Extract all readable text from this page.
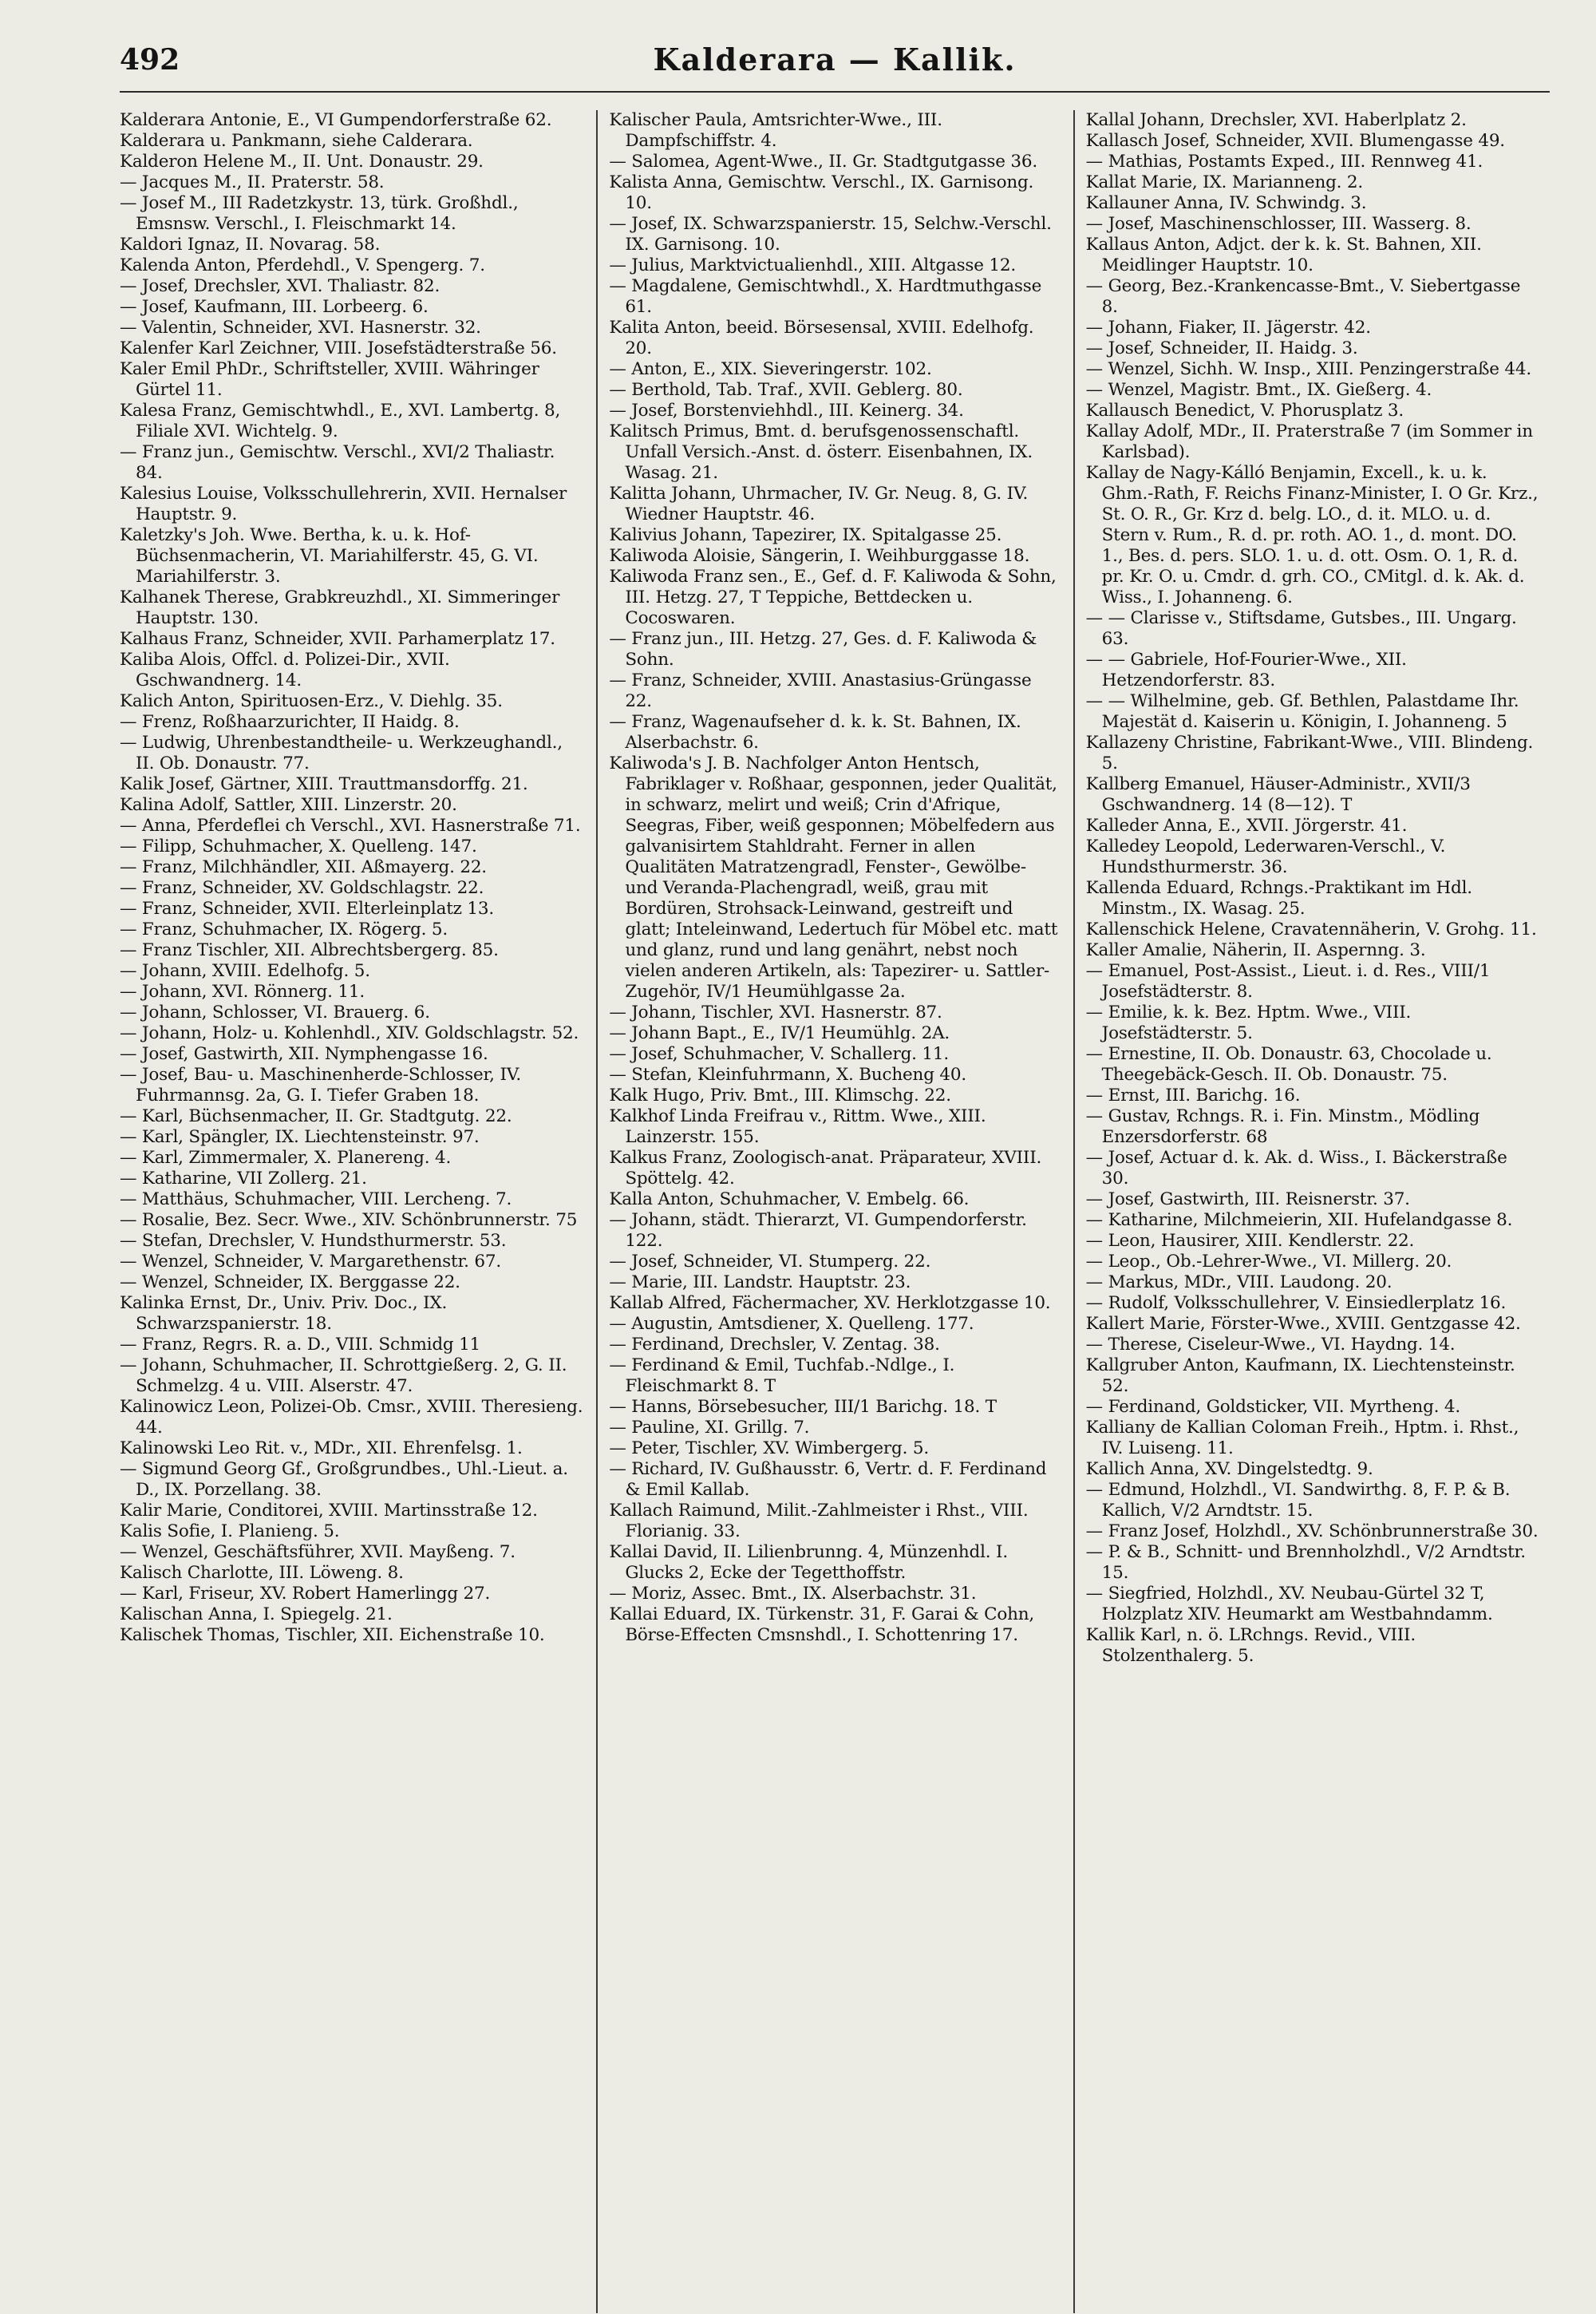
492	Kalderara — Kallik.

Kalderara Antonie, E., VI Gumpendorferstraße 62.

Kalderara u. Pankmann, siehe Calderara.

Kalderon Helene M., II. Unt. Donaustr. 29.

— Jacques M., II. Praterstr. 58.

— Josef M., III Radetzkystr. 13, türk. Großhdl., Emsnsw. Verschl., I. Fleischmarkt 14.

Kaldori Ignaz, II. Novarag. 58.

Kalenda Anton, Pferdehdl., V. Spengerg. 7.

— Josef, Drechsler, XVI. Thaliastr. 82.

— Josef, Kaufmann, III. Lorbeerg. 6.

— Valentin, Schneider, XVI. Hasnerstr. 32.

Kalenfer Karl Zeichner, VIII. Josefstädterstraße 56.

Kaler Emil PhDr., Schriftsteller, XVIII. Währinger Gürtel 11.

Kalesa Franz, Gemischtwhdl., E., XVI. Lambertg. 8, Filiale XVI. Wichtelg. 9.

— Franz jun., Gemischtw. Verschl., XVI/2 Thaliastr. 84.

Kalesius Louise, Volksschullehrerin, XVII. Hernalser Hauptstr. 9.

Kaletzky's Joh. Wwe. Bertha, k. u. k. Hof-Büchsenmacherin, VI. Mariahilferstr. 45, G. VI. Mariahilferstr. 3.

Kalhanek Therese, Grabkreuzhdl., XI. Simmeringer Hauptstr. 130.

Kalhaus Franz, Schneider, XVII. Parhamerplatz 17.

Kaliba Alois, Offcl. d. Polizei-Dir., XVII. Gschwandnerg. 14.

Kalich Anton, Spirituosen-Erz., V. Diehlg. 35.

— Frenz, Roßhaarzurichter, II Haidg. 8.

— Ludwig, Uhrenbestandtheile- u. Werkzeughandl., II. Ob. Donaustr. 77.

Kalik Josef, Gärtner, XIII. Trauttmansdorffg. 21.

Kalina Adolf, Sattler, XIII. Linzerstr. 20.

— Anna, Pferdeflei ch Verschl., XVI. Hasnerstraße 71.

— Filipp, Schuhmacher, X. Quelleng. 147.

— Franz, Milchhändler, XII. Aßmayerg. 22.

— Franz, Schneider, XV. Goldschlagstr. 22.

— Franz, Schneider, XVII. Elterleinplatz 13.

— Franz, Schuhmacher, IX. Rögerg. 5.

— Franz Tischler, XII. Albrechtsbergerg. 85.

— Johann, XVIII. Edelhofg. 5.

— Johann, XVI. Rönnerg. 11.

— Johann, Schlosser, VI. Brauerg. 6.

— Johann, Holz- u. Kohlenhdl., XIV. Goldschlagstr. 52.

— Josef, Gastwirth, XII. Nymphengasse 16.

— Josef, Bau- u. Maschinenherde-Schlosser, IV. Fuhrmannsg. 2a, G. I. Tiefer Graben 18.

— Karl, Büchsenmacher, II. Gr. Stadtgutg. 22.

— Karl, Spängler, IX. Liechtensteinstr. 97.

— Karl, Zimmermaler, X. Planereng. 4.

— Katharine, VII Zollerg. 21.

— Matthäus, Schuhmacher, VIII. Lercheng. 7.

— Rosalie, Bez. Secr. Wwe., XIV. Schönbrunnerstr. 75

— Stefan, Drechsler, V. Hundsthurmerstr. 53.

— Wenzel, Schneider, V. Margarethenstr. 67.

— Wenzel, Schneider, IX. Berggasse 22.

Kalinka Ernst, Dr., Univ. Priv. Doc., IX. Schwarzspanierstr. 18.

— Franz, Regrs. R. a. D., VIII. Schmidg 11

— Johann, Schuhmacher, II. Schrottgießerg. 2, G. II. Schmelzg. 4 u. VIII. Alserstr. 47.

Kalinowicz Leon, Polizei-Ob. Cmsr., XVIII. Theresieng. 44.

Kalinowski Leo Rit. v., MDr., XII. Ehrenfelsg. 1.

— Sigmund Georg Gf., Großgrundbes., Uhl.-Lieut. a. D., IX. Porzellang. 38.

Kalir Marie, Conditorei, XVIII. Martinsstraße 12.

Kalis Sofie, I. Planieng. 5.

— Wenzel, Geschäftsführer, XVII. Mayßeng. 7.

Kalisch Charlotte, III. Löweng. 8.

— Karl, Friseur, XV. Robert Hamerlingg 27.

Kalischan Anna, I. Spiegelg. 21.

Kalischek Thomas, Tischler, XII. Eichenstraße 10.

Kalischer Paula, Amtsrichter-Wwe., III. Dampfschiffstr. 4.

— Salomea, Agent-Wwe., II. Gr. Stadtgutgasse 36.

Kalista Anna, Gemischtw. Verschl., IX. Garnisong. 10.

— Josef, IX. Schwarzspanierstr. 15, Selchw.-Verschl. IX. Garnisong. 10.

— Julius, Marktvictualienhdl., XIII. Altgasse 12.

— Magdalene, Gemischtwhdl., X. Hardtmuthgasse 61.

Kalita Anton, beeid. Börsesensal, XVIII. Edelhofg. 20.

— Anton, E., XIX. Sieveringerstr. 102.

— Berthold, Tab. Traf., XVII. Geblerg. 80.

— Josef, Borstenviehhdl., III. Keinerg. 34.

Kalitsch Primus, Bmt. d. berufsgenossenschaftl. Unfall Versich.-Anst. d. österr. Eisenbahnen, IX. Wasag. 21.

Kalitta Johann, Uhrmacher, IV. Gr. Neug. 8, G. IV. Wiedner Hauptstr. 46.

Kalivius Johann, Tapezirer, IX. Spitalgasse 25.

Kaliwoda Aloisie, Sängerin, I. Weihburggasse 18.

Kaliwoda Franz sen., E., Gef. d. F. Kaliwoda & Sohn, III. Hetzg. 27, T Teppiche, Bettdecken u. Cocoswaren.

— Franz jun., III. Hetzg. 27, Ges. d. F. Kaliwoda & Sohn.

— Franz, Schneider, XVIII. Anastasius-Grüngasse 22.

— Franz, Wagenaufseher d. k. k. St. Bahnen, IX. Alserbachstr. 6.

Kaliwoda's J. B. Nachfolger Anton Hentsch, Fabriklager v. Roßhaar, gesponnen, jeder Qualität, in schwarz, melirt und weiß; Crin d'Afrique, Seegras, Fiber, weiß gesponnen; Möbelfedern aus galvanisirtem Stahldraht. Ferner in allen Qualitäten Matratzengradl, Fenster-, Gewölbe- und Veranda-Plachengradl, weiß, grau mit Bordüren, Strohsack-Leinwand, gestreift und glatt; Inteleinwand, Ledertuch für Möbel etc. matt und glanz, rund und lang genährt, nebst noch vielen anderen Artikeln, als: Tapezirer- u. Sattler-Zugehör, IV/1 Heumühlgasse 2a.

— Johann, Tischler, XVI. Hasnerstr. 87.

— Johann Bapt., E., IV/1 Heumühlg. 2A.

— Josef, Schuhmacher, V. Schallerg. 11.

— Stefan, Kleinfuhrmann, X. Bucheng 40.

Kalk Hugo, Priv. Bmt., III. Klimschg. 22.

Kalkhof Linda Freifrau v., Rittm. Wwe., XIII. Lainzerstr. 155.

Kalkus Franz, Zoologisch-anat. Präparateur, XVIII. Spöttelg. 42.

Kalla Anton, Schuhmacher, V. Embelg. 66.

— Johann, städt. Thierarzt, VI. Gumpendorferstr. 122.

— Josef, Schneider, VI. Stumperg. 22.

— Marie, III. Landstr. Hauptstr. 23.

Kallab Alfred, Fächermacher, XV. Herklotzgasse 10.

— Augustin, Amtsdiener, X. Quelleng. 177.

— Ferdinand, Drechsler, V. Zentag. 38.

— Ferdinand & Emil, Tuchfab.-Ndlge., I. Fleischmarkt 8. T

— Hanns, Börsebesucher, III/1 Barichg. 18. T

— Pauline, XI. Grillg. 7.

— Peter, Tischler, XV. Wimbergerg. 5.

— Richard, IV. Gußhausstr. 6, Vertr. d. F. Ferdinand & Emil Kallab.

Kallach Raimund, Milit.-Zahlmeister i Rhst., VIII. Florianig. 33.

Kallai David, II. Lilienbrunng. 4, Münzenhdl. I. Glucks 2, Ecke der Tegetthoffstr.

— Moriz, Assec. Bmt., IX. Alserbachstr. 31.

Kallai Eduard, IX. Türkenstr. 31, F. Garai & Cohn, Börse-Effecten Cmsnshdl., I. Schottenring 17.

Kallal Johann, Drechsler, XVI. Haberlplatz 2.

Kallasch Josef, Schneider, XVII. Blumengasse 49.

— Mathias, Postamts Exped., III. Rennweg 41.

Kallat Marie, IX. Marianneng. 2.

Kallauner Anna, IV. Schwindg. 3.

— Josef, Maschinenschlosser, III. Wasserg. 8.

Kallaus Anton, Adjct. der k. k. St. Bahnen, XII. Meidlinger Hauptstr. 10.

— Georg, Bez.-Krankencasse-Bmt., V. Siebertgasse 8.

— Johann, Fiaker, II. Jägerstr. 42.

— Josef, Schneider, II. Haidg. 3.

— Wenzel, Sichh. W. Insp., XIII. Penzingerstraße 44.

— Wenzel, Magistr. Bmt., IX. Gießerg. 4.

Kallausch Benedict, V. Phorusplatz 3.

Kallay Adolf, MDr., II. Praterstraße 7 (im Sommer in Karlsbad).

Kallay de Nagy-Kálló Benjamin, Excell., k. u. k. Ghm.-Rath, F. Reichs Finanz-Minister, I. O Gr. Krz., St. O. R., Gr. Krz d. belg. LO., d. it. MLO. u. d. Stern v. Rum., R. d. pr. roth. AO. 1., d. mont. DO. 1., Bes. d. pers. SLO. 1. u. d. ott. Osm. O. 1, R. d. pr. Kr. O. u. Cmdr. d. grh. CO., CMitgl. d. k. Ak. d. Wiss., I. Johanneng. 6.

— — Clarisse v., Stiftsdame, Gutsbes., III. Ungarg. 63.

— — Gabriele, Hof-Fourier-Wwe., XII. Hetzendorferstr. 83.

— — Wilhelmine, geb. Gf. Bethlen, Palastdame Ihr. Majestät d. Kaiserin u. Königin, I. Johanneng. 5

Kallazeny Christine, Fabrikant-Wwe., VIII. Blindeng. 5.

Kallberg Emanuel, Häuser-Administr., XVII/3 Gschwandnerg. 14 (8—12). T

Kalleder Anna, E., XVII. Jörgerstr. 41.

Kalledey Leopold, Lederwaren-Verschl., V. Hundsthurmerstr. 36.

Kallenda Eduard, Rchngs.-Praktikant im Hdl. Minstm., IX. Wasag. 25.

Kallenschick Helene, Cravatennäherin, V. Grohg. 11.

Kaller Amalie, Näherin, II. Aspernng. 3.

— Emanuel, Post-Assist., Lieut. i. d. Res., VIII/1 Josefstädterstr. 8.

— Emilie, k. k. Bez. Hptm. Wwe., VIII. Josefstädterstr. 5.

— Ernestine, II. Ob. Donaustr. 63, Chocolade u. Theegebäck-Gesch. II. Ob. Donaustr. 75.

— Ernst, III. Barichg. 16.

— Gustav, Rchngs. R. i. Fin. Minstm., Mödling Enzersdorferstr. 68

— Josef, Actuar d. k. Ak. d. Wiss., I. Bäckerstraße 30.

— Josef, Gastwirth, III. Reisnerstr. 37.

— Katharine, Milchmeierin, XII. Hufelandgasse 8.

— Leon, Hausirer, XIII. Kendlerstr. 22.

— Leop., Ob.-Lehrer-Wwe., VI. Millerg. 20.

— Markus, MDr., VIII. Laudong. 20.

— Rudolf, Volksschullehrer, V. Einsiedlerplatz 16.

Kallert Marie, Förster-Wwe., XVIII. Gentzgasse 42.

— Therese, Ciseleur-Wwe., VI. Haydng. 14.

Kallgruber Anton, Kaufmann, IX. Liechtensteinstr. 52.

— Ferdinand, Goldsticker, VII. Myrtheng. 4.

Kalliany de Kallian Coloman Freih., Hptm. i. Rhst., IV. Luiseng. 11.

Kallich Anna, XV. Dingelstedtg. 9.

— Edmund, Holzhdl., VI. Sandwirthg. 8, F. P. & B. Kallich, V/2 Arndtstr. 15.

— Franz Josef, Holzhdl., XV. Schönbrunnerstraße 30.

— P. & B., Schnitt- und Brennholzhdl., V/2 Arndtstr. 15.

— Siegfried, Holzhdl., XV. Neubau-Gürtel 32 T, Holzplatz XIV. Heumarkt am Westbahndamm.

Kallik Karl, n. ö. LRchngs. Revid., VIII. Stolzenthalerg. 5.
